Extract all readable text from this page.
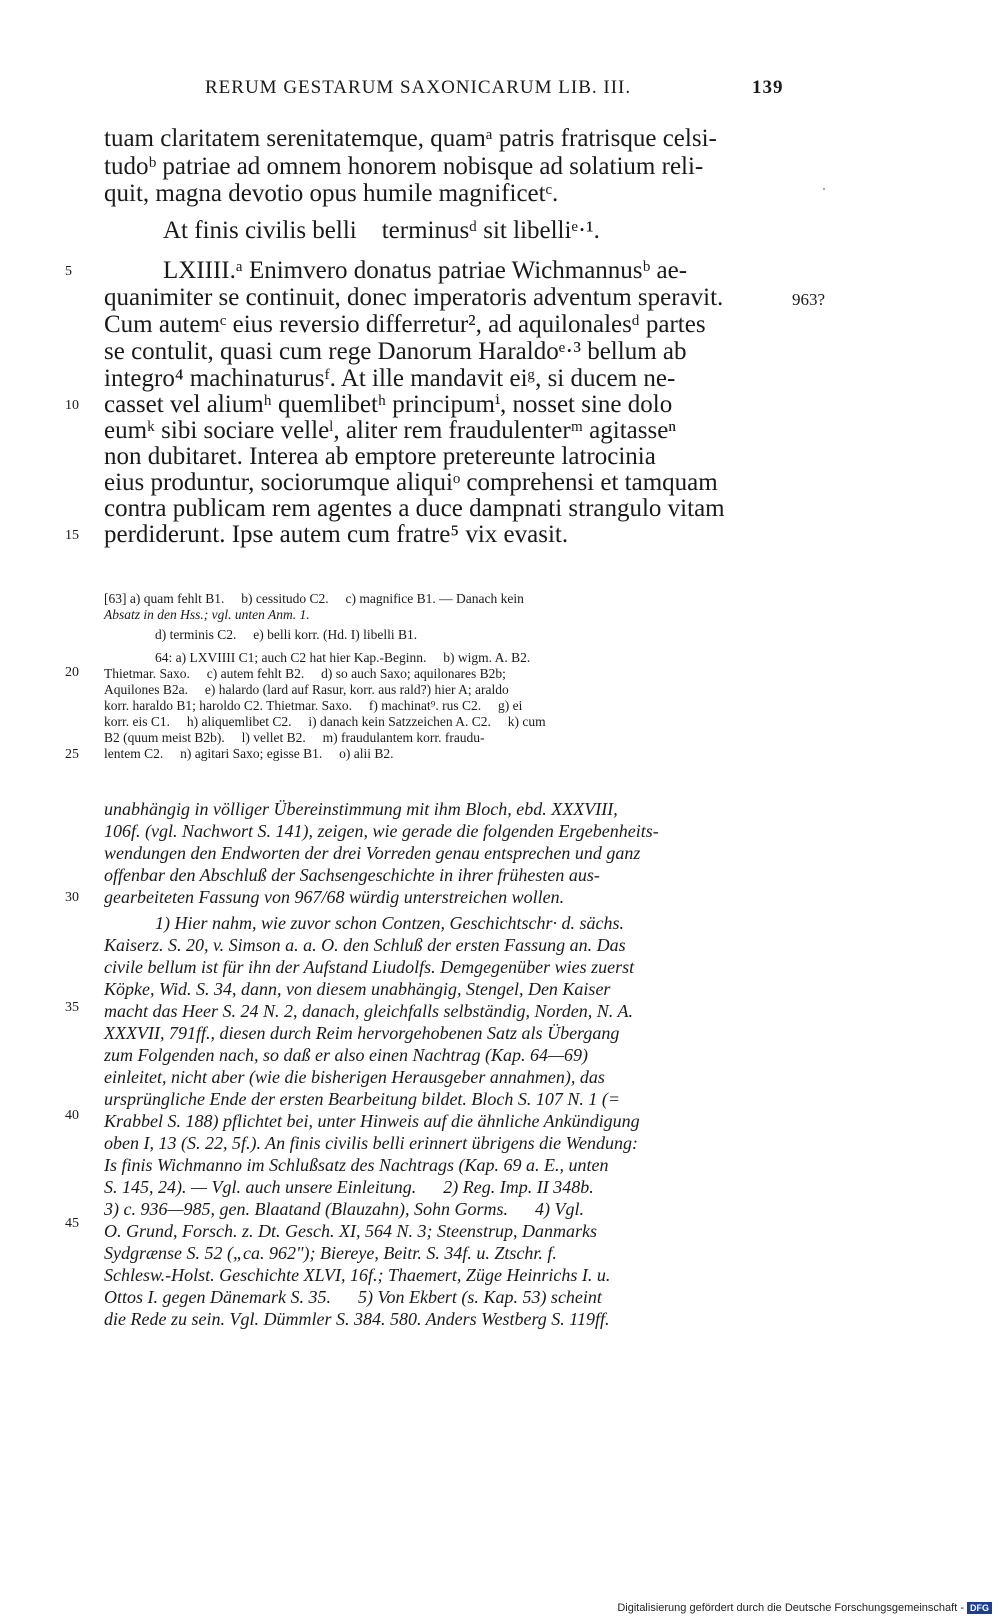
RERUM GESTARUM SAXONICARUM LIB. III.	139
tuam claritatem serenitatemque, quamᵃ patris fratrisque celsi-
tudoᵇ patriae ad omnem honorem nobisque ad solatium reli-
quit, magna devotio opus humile magnificetᶜ.
At finis civilis belli    terminusᵈ sit libelliᵉ·¹.
LXIIII.ᵃ Enimvero donatus patriae Wichmannusᵇ ae-
quanimiter se continuit, donec imperatoris adventum speravit.
Cum autemᶜ eius reversio differretur², ad aquilonalesᵈ partes
se contulit, quasi cum rege Danorum Haraldoᵉ·³ bellum ab
integro⁴ machinaturusᶠ. At ille mandavit eiᵍ, si ducem ne-
casset vel aliumʰ quemlibetʰ principumⁱ, nosset sine dolo
eumᵏ sibi sociare velleˡ, aliter rem fraudulenterᵐ agitasseⁿ
non dubitaret. Interea ab emptore pretereunte latrocinia
eius produntur, sociorumque aliquiᵒ comprehensi et tamquam
contra publicam rem agentes a duce dampnati strangulo vitam
perdiderunt. Ipse autem cum fratre⁵ vix evasit.
963?
5
10
15
20
25
30
35
40
45
[63] a) quam fehlt B1.     b) cessitudo C2.     c) magnifice B1. — Danach kein
Absatz in den Hss.; vgl. unten Anm. 1.
d) terminis C2.     e) belli korr. (Hd. I) libelli B1.
64: a) LXVIIII C1; auch C2 hat hier Kap.-Beginn.     b) wigm. A. B2.
Thietmar. Saxo.     c) autem fehlt B2.     d) so auch Saxo; aquilonares B2b;
Aquilones B2a.     e) halardo (lard auf Rasur, korr. aus rald?) hier A; araldo
korr. haraldo B1; haroldo C2. Thietmar. Saxo.     f) machinat⁹. rus C2.     g) ei
korr. eis C1.     h) aliquemlibet C2.     i) danach kein Satzzeichen A. C2.     k) cum
B2 (quum meist B2b).     l) vellet B2.     m) fraudulantem korr. fraudu-
lentem C2.     n) agitari Saxo; egisse B1.     o) alii B2.
unabhängig in völliger Übereinstimmung mit ihm Bloch, ebd. XXXVIII,
106f. (vgl. Nachwort S. 141), zeigen, wie gerade die folgenden Ergebenheits-
wendungen den Endworten der drei Vorreden genau entsprechen und ganz
offenbar den Abschluß der Sachsengeschichte in ihrer frühesten aus-
gearbeiteten Fassung von 967/68 würdig unterstreichen wollen.
1) Hier nahm, wie zuvor schon Contzen, Geschichtschr· d. sächs.
Kaiserz. S. 20, v. Simson a. a. O. den Schluß der ersten Fassung an. Das
civile bellum ist für ihn der Aufstand Liudolfs. Demgegenüber wies zuerst
Köpke, Wid. S. 34, dann, von diesem unabhängig, Stengel, Den Kaiser
macht das Heer S. 24 N. 2, danach, gleichfalls selbständig, Norden, N. A.
XXXVII, 791ff., diesen durch Reim hervorgehobenen Satz als Übergang
zum Folgenden nach, so daß er also einen Nachtrag (Kap. 64—69)
einleitet, nicht aber (wie die bisherigen Herausgeber annahmen), das
ursprüngliche Ende der ersten Bearbeitung bildet. Bloch S. 107 N. 1 (=
Krabbel S. 188) pflichtet bei, unter Hinweis auf die ähnliche Ankündigung
oben I, 13 (S. 22, 5f.). An finis civilis belli erinnert übrigens die Wendung:
Is finis Wichmanno im Schlußsatz des Nachtrags (Kap. 69 a. E., unten
S. 145, 24). — Vgl. auch unsere Einleitung.      2) Reg. Imp. II 348b.
3) c. 936—985, gen. Blaatand (Blauzahn), Sohn Gorms.      4) Vgl.
O. Grund, Forsch. z. Dt. Gesch. XI, 564 N. 3; Steenstrup, Danmarks
Sydgrænse S. 52 („ca. 962"); Biereye, Beitr. S. 34f. u. Ztschr. f.
Schlesw.-Holst. Geschichte XLVI, 16f.; Thaemert, Züge Heinrichs I. u.
Ottos I. gegen Dänemark S. 35.      5) Von Ekbert (s. Kap. 53) scheint
die Rede zu sein. Vgl. Dümmler S. 384. 580. Anders Westberg S. 119ff.
Digitalisierung gefördert durch die Deutsche Forschungsgemeinschaft - DFG
